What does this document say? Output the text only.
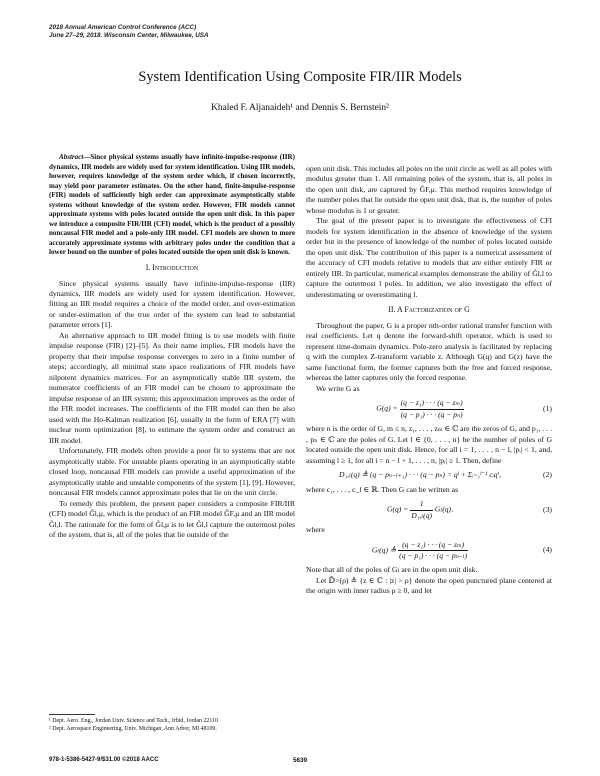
2018 Annual American Control Conference (ACC)
June 27–29, 2018. Wisconsin Center, Milwaukee, USA
System Identification Using Composite FIR/IIR Models
Khaled F. Aljanaideh¹ and Dennis S. Bernstein²

Abstract—Since physical systems usually have infinite-impulse-response (IIR) dynamics, IIR models are widely used for system identification. Using IIR models, however, requires knowledge of the system order which, if chosen incorrectly, may yield poor parameter estimates. On the other hand, finite-impulse-response (FIR) models of sufficiently high order can approximate asymptotically stable systems without knowledge of the system order. However, FIR models cannot approximate systems with poles located outside the open unit disk. In this paper we introduce a composite FIR/IIR (CFI) model, which is the product of a possibly noncausal FIR model and a pole-only IIR model. CFI models are shown to more accurately approximate systems with arbitrary poles under the condition that a lower bound on the number of poles located outside the open unit disk is known.

I. Introduction

Since physical systems usually have infinite-impulse-response (IIR) dynamics, IIR models are widely used for system identification. However, fitting an IIR model requires a choice of the model order, and over-estimation or under-estimation of the true order of the system can lead to substantial parameter errors [1].

An alternative approach to IIR model fitting is to use models with finite impulse response (FIR) [2]–[5]. As their name implies, FIR models have the property that their impulse response converges to zero in a finite number of steps; accordingly, all minimal state space realizations of FIR models have nilpotent dynamics matrices. For an asymptotically stable IIR system, the numerator coefficients of an FIR model can be chosen to approximate the impulse response of an IIR system; this approximation improves as the order of the FIR model increases. The coefficients of the FIR model can then be also used with the Ho-Kalman realization [6], usually in the form of ERA [7] with nuclear norm optimization [8], to estimate the system order and construct an IIR model.

Unfortunately, FIR models often provide a poor fit to systems that are not asymptotically stable. For unstable plants operating in an asymptotically stable closed loop, noncausal FIR models can provide a useful approximation of the asymptotically stable and unstable components of the system [1], [9]. However, noncausal FIR models cannot approximate poles that lie on the unit circle.

To remedy this problem, the present paper considers a composite FIR/IIR (CFI) model Ĝl,μ, which is the product of an FIR model ĜF,μ and an IIR model Ĝl,l. The rationale for the form of Ĝl,μ is to let Ĝl,l capture the outermost poles of the system, that is, all of the poles that lie outside of the

¹ Dept. Aero. Eng., Jordan Univ. Science and Tech., Irbid, Jordan 22110
² Dept. Aerospace Engineering, Univ. Michigan, Ann Arbor, MI 48109.

open unit disk. This includes all poles on the unit circle as well as all poles with modulus greater than 1. All remaining poles of the system, that is, all poles in the open unit disk, are captured by ĜF,μ. This method requires knowledge of the number poles that lie outside the open unit disk, that is, the number of poles whose modulus is 1 or greater.

The goal of the present paper is to investigate the effectiveness of CFI models for system identification in the absence of knowledge of the system order but in the presence of knowledge of the number of poles located outside the open unit disk. The contribution of this paper is a numerical assessment of the accuracy of CFI models relative to models that are either entirely FIR or entirely IIR. In particular, numerical examples demonstrate the ability of Ĝl,l to capture the outermost l poles. In addition, we also investigate the effect of underestimating or overestimating l.

II. A Factorization of G

Throughout the paper, G is a proper nth-order rational transfer function with real coefficients. Let q denote the forward-shift operator, which is used to represent time-domain dynamics. Pole-zero analysis is facilitated by replacing q with the complex Z-transform variable z. Although G(q) and G(z) have the same functional form, the former captures both the free and forced response, whereas the latter captures only the forced response.

We write G as

$G(q) = \frac{\text{(q − z₁) · · · (q − zₘ)}}{\text{(q − p₁) · · · (q − pₙ)}}$	(1)

where n is the order of G, m ≤ n, z₁, . . . , zₘ ∈ ℂ are the zeros of G, and p₁, . . . , pₙ ∈ ℂ are the poles of G. Let l ∈ {0, . . . , n} be the number of poles of G located outside the open unit disk. Hence, for all i = 1, . . . , n − l, |pᵢ| < 1, and, assuming l ≥ 1, for all i = n − l + 1, . . . , n, |pᵢ| ≥ 1. Then, define

D₁,ₗ(q) ≜ (q − pₙ₋ₗ₊₁) · · · (q − pₙ) = qˡ + Σᵢ₌₁ˡ⁻¹ cᵢqⁱ,	(2)

where c₁, . . . , c_l ∈ ℝ. Then G can be written as

$G(q) = \frac{1}{\text{D₁,ₗ(q)}} G_l(q)$,	(3)

where

Gₗ(q) ≜ $\frac{\text{(q − z₁) · · · (q − zₘ)}}{\text{(q − p₁) · · · (q − pₙ₋ₗ)}}$	(4)

Note that all of the poles of Gₗ are in the open unit disk.

Let 𝔻̄>(ρ) ≜ {z ∈ ℂ : |z| > ρ} denote the open punctured plane centered at the origin with inner radius ρ ≥ 0, and let

978-1-5386-5427-9/$31.00 ©2018 AACC	5639
